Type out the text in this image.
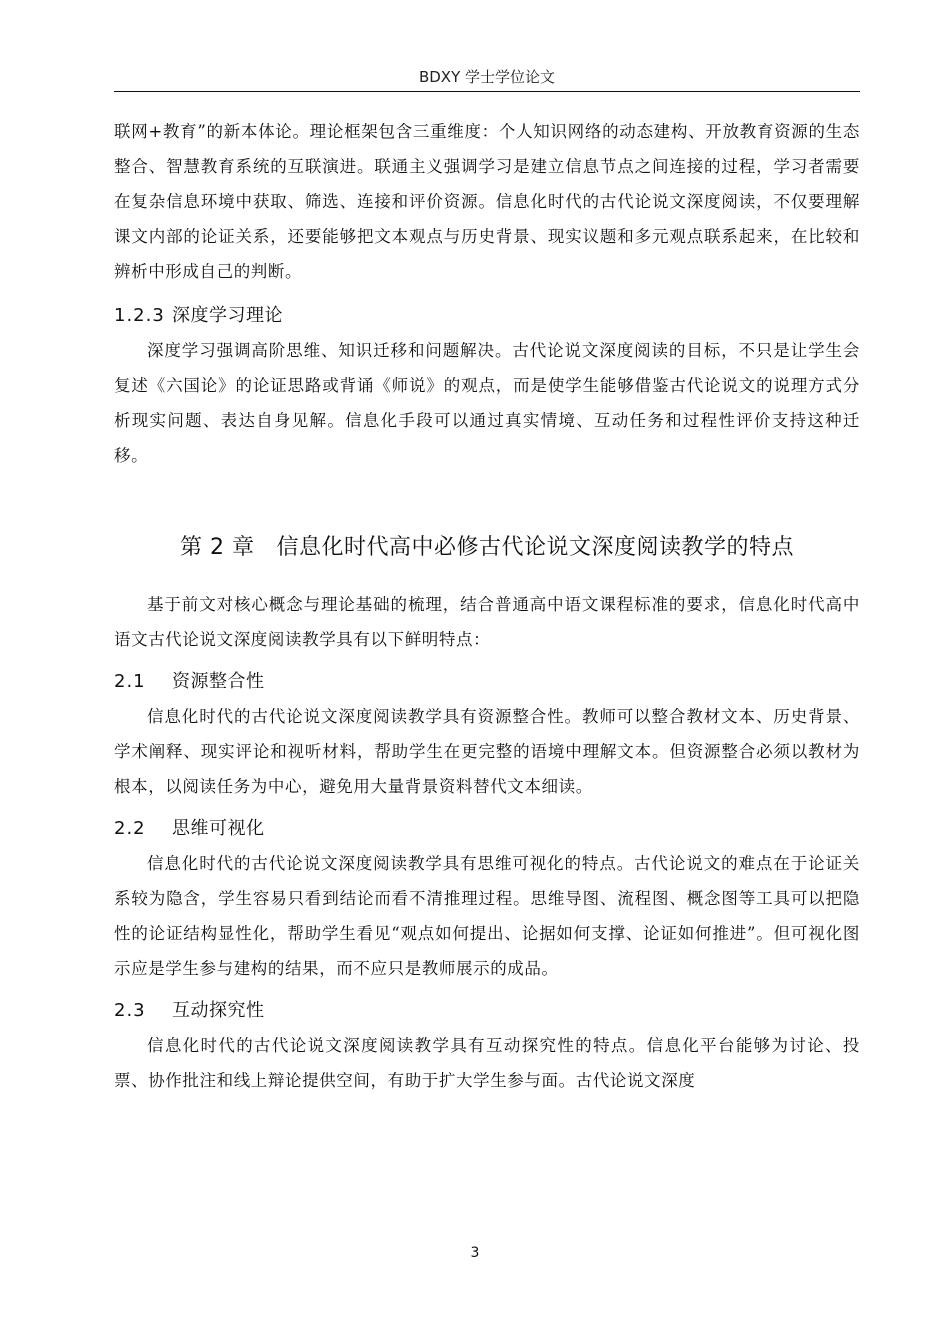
BDXY 学士学位论文

联网+教育”的新本体论。理论框架包含三重维度：个人知识网络的动态建构、开放教育资源的生态整合、智慧教育系统的互联演进。联通主义强调学习是建立信息节点之间连接的过程，学习者需要在复杂信息环境中获取、筛选、连接和评价资源。信息化时代的古代论说文深度阅读，不仅要理解课文内部的论证关系，还要能够把文本观点与历史背景、现实议题和多元观点联系起来，在比较和辨析中形成自己的判断。

1.2.3 深度学习理论

深度学习强调高阶思维、知识迁移和问题解决。古代论说文深度阅读的目标，不只是让学生会复述《六国论》的论证思路或背诵《师说》的观点，而是使学生能够借鉴古代论说文的说理方式分析现实问题、表达自身见解。信息化手段可以通过真实情境、互动任务和过程性评价支持这种迁移。

第 2 章 信息化时代高中必修古代论说文深度阅读教学的特点

基于前文对核心概念与理论基础的梳理，结合普通高中语文课程标准的要求，信息化时代高中语文古代论说文深度阅读教学具有以下鲜明特点：

2.1 资源整合性

信息化时代的古代论说文深度阅读教学具有资源整合性。教师可以整合教材文本、历史背景、学术阐释、现实评论和视听材料，帮助学生在更完整的语境中理解文本。但资源整合必须以教材为根本，以阅读任务为中心，避免用大量背景资料替代文本细读。

2.2 思维可视化

信息化时代的古代论说文深度阅读教学具有思维可视化的特点。古代论说文的难点在于论证关系较为隐含，学生容易只看到结论而看不清推理过程。思维导图、流程图、概念图等工具可以把隐性的论证结构显性化，帮助学生看见“观点如何提出、论据如何支撑、论证如何推进”。但可视化图示应是学生参与建构的结果，而不应只是教师展示的成品。

2.3 互动探究性

信息化时代的古代论说文深度阅读教学具有互动探究性的特点。信息化平台能够为讨论、投票、协作批注和线上辩论提供空间，有助于扩大学生参与面。古代论说文深度

3
